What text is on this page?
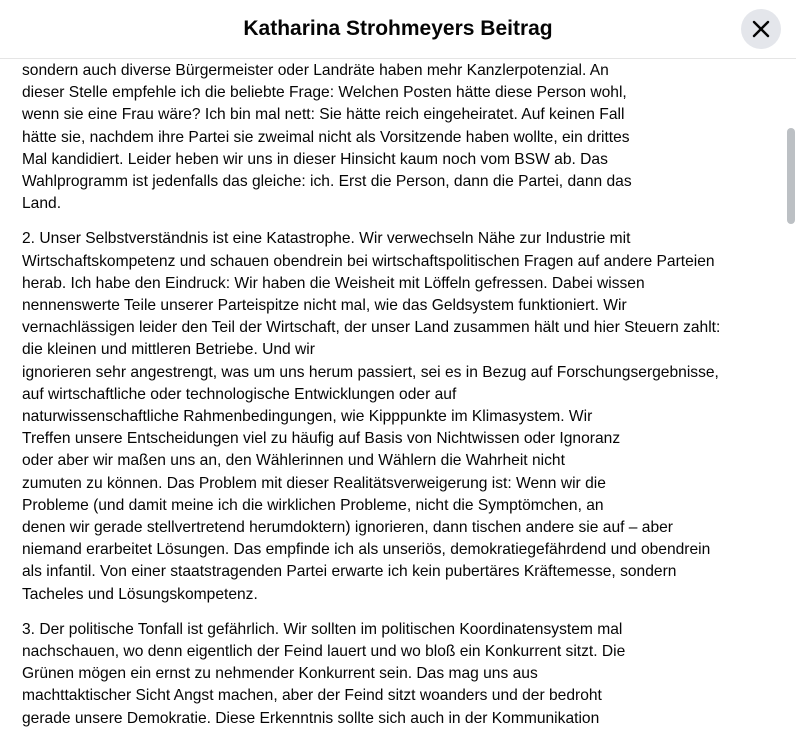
Katharina Strohmeyers Beitrag
sondern auch diverse Bürgermeister oder Landräte haben mehr Kanzlerpotenzial. An
dieser Stelle empfehle ich die beliebte Frage: Welchen Posten hätte diese Person wohl,
wenn sie eine Frau wäre? Ich bin mal nett: Sie hätte reich eingeheiratet. Auf keinen Fall
hätte sie, nachdem ihre Partei sie zweimal nicht als Vorsitzende haben wollte, ein drittes
Mal kandidiert. Leider heben wir uns in dieser Hinsicht kaum noch vom BSW ab. Das
Wahlprogramm ist jedenfalls das gleiche: ich. Erst die Person, dann die Partei, dann das
Land.
2. Unser Selbstverständnis ist eine Katastrophe. Wir verwechseln Nähe zur Industrie mit
Wirtschaftskompetenz und schauen obendrein bei wirtschaftspolitischen Fragen auf andere Parteien
herab. Ich habe den Eindruck: Wir haben die Weisheit mit Löffeln gefressen. Dabei wissen
nennenswerte Teile unserer Parteispitze nicht mal, wie das Geldsystem funktioniert. Wir
vernachlässigen leider den Teil der Wirtschaft, der unser Land zusammen hält und hier Steuern zahlt:
die kleinen und mittleren Betriebe. Und wir
ignorieren sehr angestrengt, was um uns herum passiert, sei es in Bezug auf Forschungsergebnisse,
auf wirtschaftliche oder technologische Entwicklungen oder auf
naturwissenschaftliche Rahmenbedingungen, wie Kipppunkte im Klimasystem. Wir
Treffen unsere Entscheidungen viel zu häufig auf Basis von Nichtwissen oder Ignoranz
oder aber wir maßen uns an, den Wählerinnen und Wählern die Wahrheit nicht
zumuten zu können. Das Problem mit dieser Realitätsverweigerung ist: Wenn wir die
Probleme (und damit meine ich die wirklichen Probleme, nicht die Symptömchen, an
denen wir gerade stellvertretend herumdoktern) ignorieren, dann tischen andere sie auf – aber
niemand erarbeitet Lösungen. Das empfinde ich als unseriös, demokratiegefährdend und obendrein
als infantil. Von einer staatstragenden Partei erwarte ich kein pubertäres Kräftemesse, sondern
Tacheles und Lösungskompetenz.
3. Der politische Tonfall ist gefährlich. Wir sollten im politischen Koordinatensystem mal
nachschauen, wo denn eigentlich der Feind lauert und wo bloß ein Konkurrent sitzt. Die
Grünen mögen ein ernst zu nehmender Konkurrent sein. Das mag uns aus
machttaktischer Sicht Angst machen, aber der Feind sitzt woanders und der bedroht
gerade unsere Demokratie. Diese Erkenntnis sollte sich auch in der Kommunikation
